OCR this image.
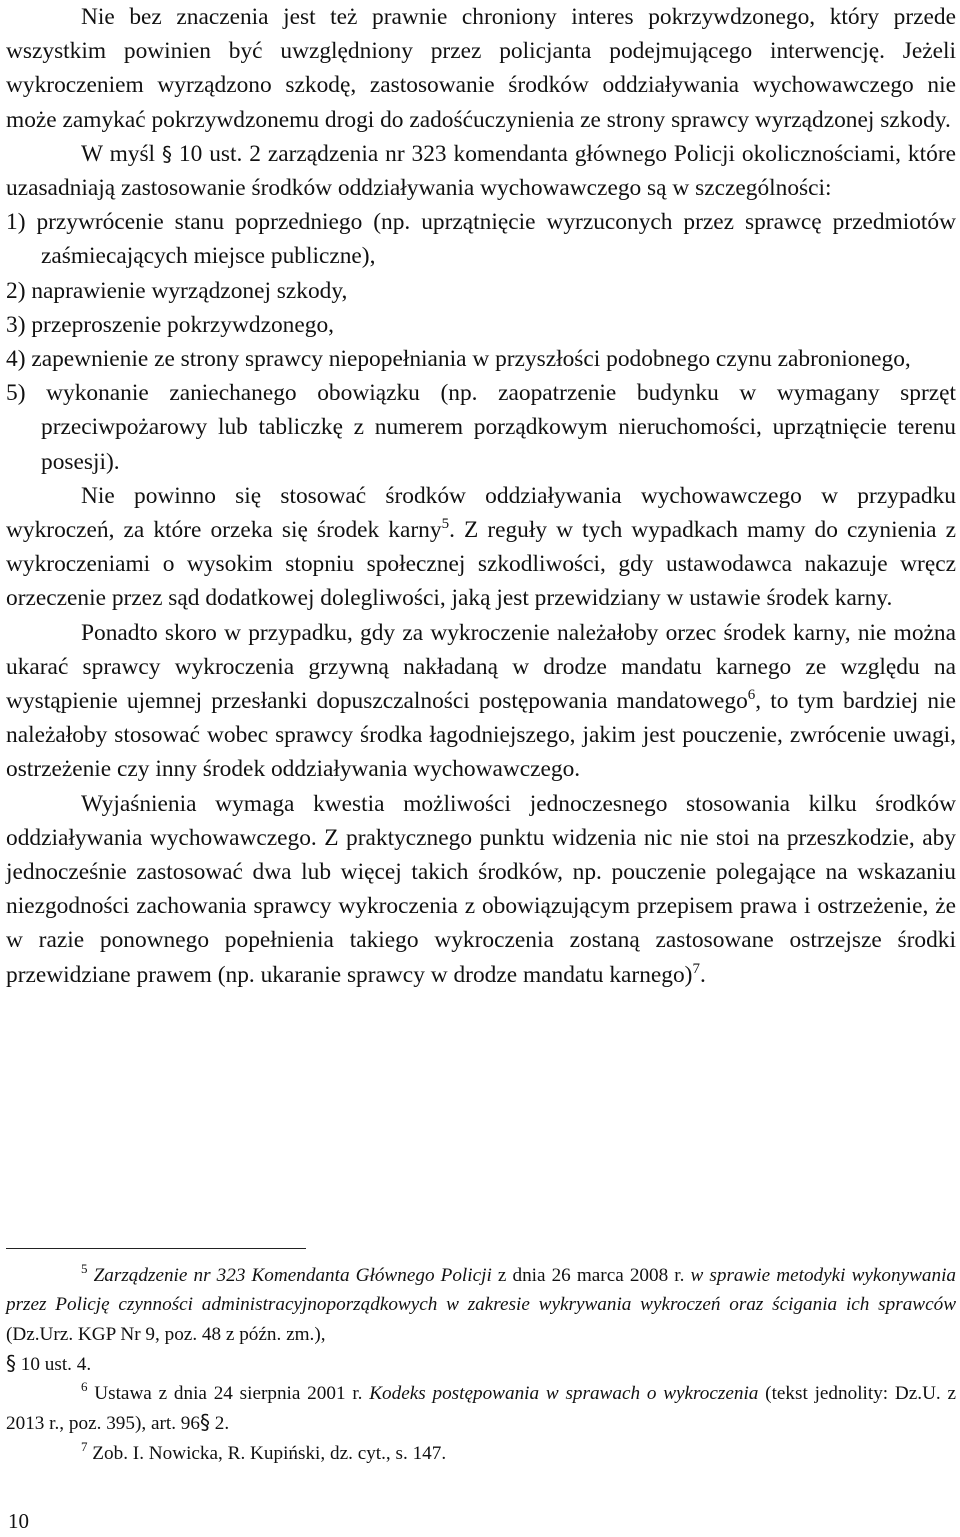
Nie bez znaczenia jest też prawnie chroniony interes pokrzywdzonego, który przede wszystkim powinien być uwzględniony przez policjanta podejmującego interwencję. Jeżeli wykroczeniem wyrządzono szkodę, zastosowanie środków oddziaływania wychowawczego nie może zamykać pokrzywdzonemu drogi do zadośćuczynienia ze strony sprawcy wyrządzonej szkody.

W myśl § 10 ust. 2 zarządzenia nr 323 komendanta głównego Policji okolicznościami, które uzasadniają zastosowanie środków oddziaływania wychowawczego są w szczególności:

1) przywrócenie stanu poprzedniego (np. uprzątnięcie wyrzuconych przez sprawcę przedmiotów zaśmiecających miejsce publiczne),
2) naprawienie wyrządzonej szkody,
3) przeproszenie pokrzywdzonego,
4) zapewnienie ze strony sprawcy niepopełniania w przyszłości podobnego czynu zabronionego,
5) wykonanie zaniechanego obowiązku (np. zaopatrzenie budynku w wymagany sprzęt przeciwpożarowy lub tabliczkę z numerem porządkowym nieruchomości, uprzątnięcie terenu posesji).

Nie powinno się stosować środków oddziaływania wychowawczego w przypadku wykroczeń, za które orzeka się środek karny$^5$. Z reguły w tych wypadkach mamy do czynienia z wykroczeniami o wysokim stopniu społecznej szkodliwości, gdy ustawodawca nakazuje wręcz orzeczenie przez sąd dodatkowej dolegliwości, jaką jest przewidziany w ustawie środek karny.

Ponadto skoro w przypadku, gdy za wykroczenie należałoby orzec środek karny, nie można ukarać sprawcy wykroczenia grzywną nakładaną w drodze mandatu karnego ze względu na wystąpienie ujemnej przesłanki dopuszczalności postępowania mandatowego$^6$, to tym bardziej nie należałoby stosować wobec sprawcy środka łagodniejszego, jakim jest pouczenie, zwrócenie uwagi, ostrzeżenie czy inny środek oddziaływania wychowawczego.

Wyjaśnienia wymaga kwestia możliwości jednoczesnego stosowania kilku środków oddziaływania wychowawczego. Z praktycznego punktu widzenia nic nie stoi na przeszkodzie, aby jednocześnie zastosować dwa lub więcej takich środków, np. pouczenie polegające na wskazaniu niezgodności zachowania sprawcy wykroczenia z obowiązującym przepisem prawa i ostrzeżenie, że w razie ponownego popełnienia takiego wykroczenia zostaną zastosowane ostrzejsze środki przewidziane prawem (np. ukaranie sprawcy w drodze mandatu karnego)$^7$.

$^5$ Zarządzenie nr 323 Komendanta Głównego Policji z dnia 26 marca 2008 r. w sprawie metodyki wykonywania przez Policję czynności administracyjnoporządkowych w zakresie wykrywania wykroczeń oraz ścigania ich sprawców (Dz.Urz. KGP Nr 9, poz. 48 z późn. zm.),
§ 10 ust. 4.

$^6$ Ustawa z dnia 24 sierpnia 2001 r. Kodeks postępowania w sprawach o wykroczenia (tekst jednolity: Dz.U. z 2013 r., poz. 395), art. 96§ 2.

$^7$ Zob. I. Nowicka, R. Kupiński, dz. cyt., s. 147.

10
